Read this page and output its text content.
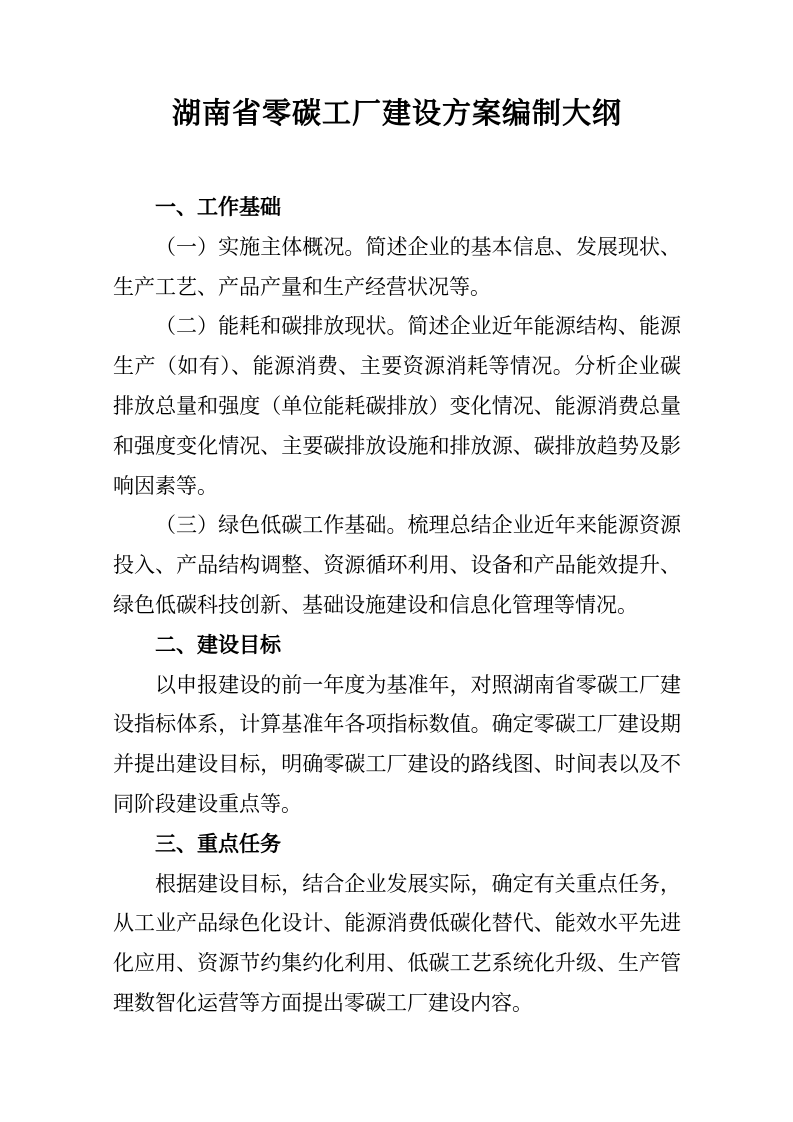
湖南省零碳工厂建设方案编制大纲

一、工作基础

（一）实施主体概况。简述企业的基本信息、发展现状、生产工艺、产品产量和生产经营状况等。

（二）能耗和碳排放现状。简述企业近年能源结构、能源生产（如有）、能源消费、主要资源消耗等情况。分析企业碳排放总量和强度（单位能耗碳排放）变化情况、能源消费总量和强度变化情况、主要碳排放设施和排放源、碳排放趋势及影响因素等。

（三）绿色低碳工作基础。梳理总结企业近年来能源资源投入、产品结构调整、资源循环利用、设备和产品能效提升、绿色低碳科技创新、基础设施建设和信息化管理等情况。

二、建设目标

以申报建设的前一年度为基准年，对照湖南省零碳工厂建设指标体系，计算基准年各项指标数值。确定零碳工厂建设期并提出建设目标，明确零碳工厂建设的路线图、时间表以及不同阶段建设重点等。

三、重点任务

根据建设目标，结合企业发展实际，确定有关重点任务，从工业产品绿色化设计、能源消费低碳化替代、能效水平先进化应用、资源节约集约化利用、低碳工艺系统化升级、生产管理数智化运营等方面提出零碳工厂建设内容。
